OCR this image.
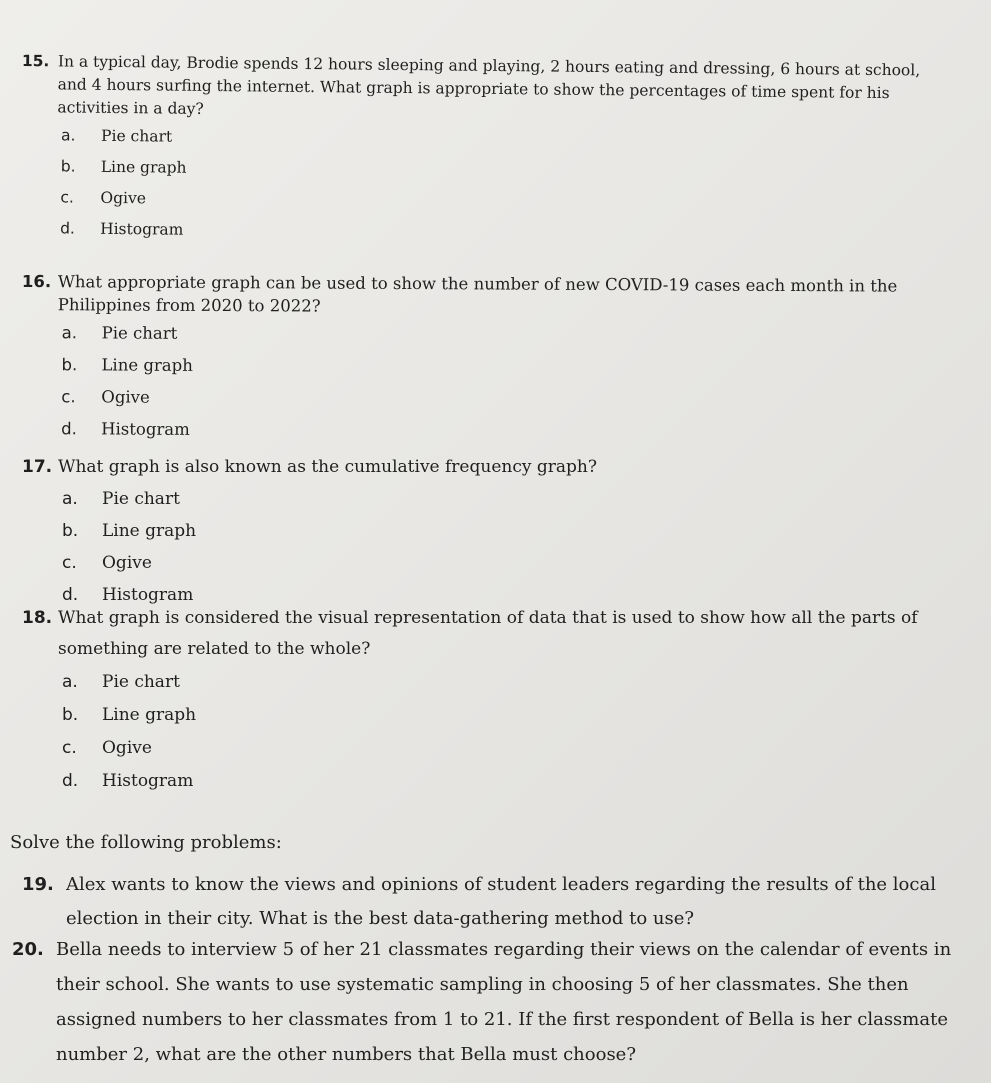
15. In a typical day, Brodie spends 12 hours sleeping and playing, 2 hours eating and dressing, 6 hours at school, and 4 hours surfing the internet. What graph is appropriate to show the percentages of time spent for his activities in a day?
a.	Pie chart
b.	Line graph
c.	Ogive
d.	Histogram
16. What appropriate graph can be used to show the number of new COVID-19 cases each month in the Philippines from 2020 to 2022?
a.	Pie chart
b.	Line graph
c.	Ogive
d.	Histogram
17. What graph is also known as the cumulative frequency graph?
a.	Pie chart
b.	Line graph
c.	Ogive
d.	Histogram
18. What graph is considered the visual representation of data that is used to show how all the parts of something are related to the whole?
a.	Pie chart
b.	Line graph
c.	Ogive
d.	Histogram
Solve the following problems:
19. Alex wants to know the views and opinions of student leaders regarding the results of the local election in their city. What is the best data-gathering method to use?
20. Bella needs to interview 5 of her 21 classmates regarding their views on the calendar of events in their school. She wants to use systematic sampling in choosing 5 of her classmates. She then assigned numbers to her classmates from 1 to 21. If the first respondent of Bella is her classmate number 2, what are the other numbers that Bella must choose?
